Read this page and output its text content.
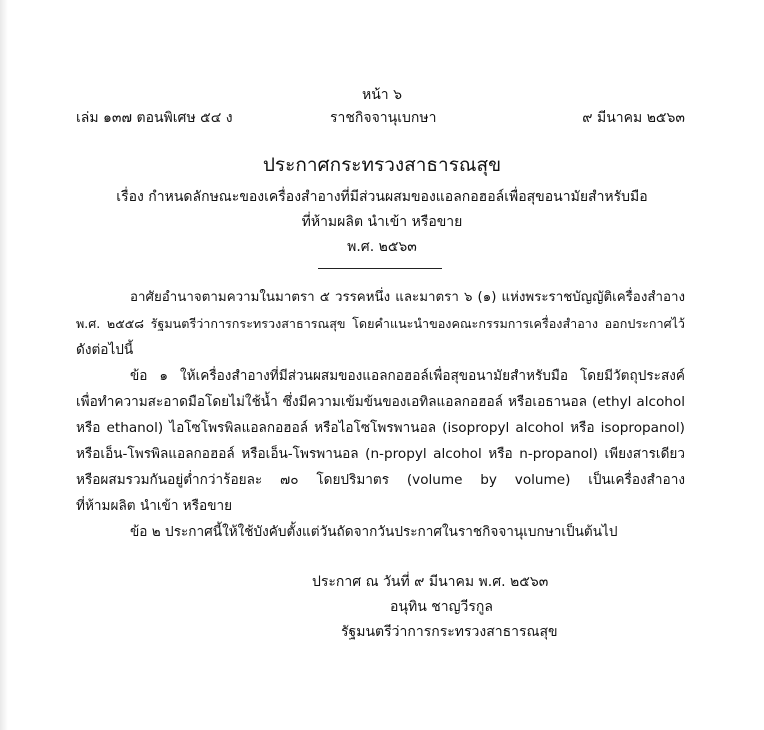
หน้า ๖
เล่ม ๑๓๗ ตอนพิเศษ ๕๔ ง	ราชกิจจานุเบกษา	๙ มีนาคม ๒๕๖๓
ประกาศกระทรวงสาธารณสุข
เรื่อง กำหนดลักษณะของเครื่องสำอางที่มีส่วนผสมของแอลกอฮอล์เพื่อสุขอนามัยสำหรับมือ
ที่ห้ามผลิต นำเข้า หรือขาย
พ.ศ. ๒๕๖๓
อาศัยอำนาจตามความในมาตรา ๕ วรรคหนึ่ง และมาตรา ๖ (๑) แห่งพระราชบัญญัติเครื่องสำอาง
พ.ศ. ๒๕๕๘ รัฐมนตรีว่าการกระทรวงสาธารณสุข โดยคำแนะนำของคณะกรรมการเครื่องสำอาง ออกประกาศไว้
ดังต่อไปนี้
ข้อ ๑ ให้เครื่องสำอางที่มีส่วนผสมของแอลกอฮอล์เพื่อสุขอนามัยสำหรับมือ โดยมีวัตถุประสงค์
เพื่อทำความสะอาดมือโดยไม่ใช้น้ำ ซึ่งมีความเข้มข้นของเอทิลแอลกอฮอล์ หรือเอธานอล (ethyl alcohol
หรือ ethanol) ไอโซโพรพิลแอลกอฮอล์ หรือไอโซโพรพานอล (isopropyl alcohol หรือ isopropanol)
หรือเอ็น-โพรพิลแอลกอฮอล์ หรือเอ็น-โพรพานอล (n-propyl alcohol หรือ n-propanol) เพียงสารเดียว
หรือผสมรวมกันอยู่ต่ำกว่าร้อยละ ๗๐ โดยปริมาตร (volume by volume) เป็นเครื่องสำอาง
ที่ห้ามผลิต นำเข้า หรือขาย
ข้อ ๒ ประกาศนี้ให้ใช้บังคับตั้งแต่วันถัดจากวันประกาศในราชกิจจานุเบกษาเป็นต้นไป
ประกาศ ณ วันที่ ๙ มีนาคม พ.ศ. ๒๕๖๓
อนุทิน ชาญวีรกูล
รัฐมนตรีว่าการกระทรวงสาธารณสุข
